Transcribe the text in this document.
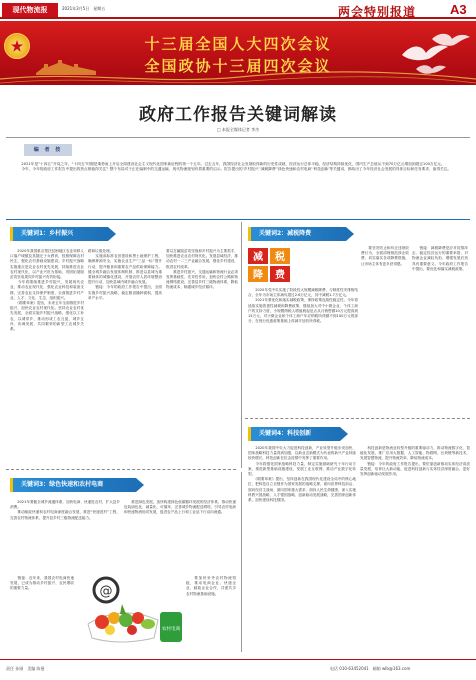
现代物流报	2021年3月5日　星期五	两会特别报道	A3
十三届全国人大四次会议
全国政协十三届四次会议
政府工作报告关键词解读
□ 本报全媒体记者 李杰
编 者 按
　　2021年是“十四五”开局之年，“十四五”时期是乘势而上开启全面建设社会主义现代化国家新征程的第一个五年。过去五年，我国经济社会发展取得新的历史性成就，经济运行总体平稳，经济结构持续优化，国内生产总值从不到70万亿元增加到超过100万亿元。
　　今年，今年的政府工作报告中提出的热点都值得关注？整个布局对于正在编制中的交通运输、现代物流规划有着重要的启示。报告提出的‘乡村振兴’‘减税降费’‘绿色快速和农村电商’‘科技创新’等关键词，都给出了今年经济社会发展的具体目标和任务要求，值得关注。
关键词1：乡村振兴
　　2020年我国重点帮扶贫困地区农业转移人口落户城镇及其随迁子女教育，按照保障农村民生，强化农村基础设施建设。乡村振兴战略实施重点是农业农村优先发展，持续推进农业农村现代化，以产业兴旺为基础，巩固拓展脱贫攻坚成果同乡村振兴有效衔接。
　　今年将继续推进乡村振兴，发展现代农业，推动农业现代化，强化农业科技和装备支撑，完善农业支持保护制度，全面推进乡村产业、人才、文化、生态、组织振兴。
　　《纲要草案》提出，未来五年全面推进乡村振兴，加快农业农村现代化。坚持农业农村优先发展，全面实施乡村振兴战略，强化以工补农、以城带乡，推动形成工农互促、城乡互补、协调发展、共同繁荣的新型工农城乡关系。
路和垃圾处理。
　　实施高标准农田建设和黑土地保护工程，确保种源安全，实施农业生产“三品一标”提升行动，提升粮食和重要农产品供给保障能力。健全城乡融合发展体制机制，推进以县城为重要载体的城镇化建设，开展农村人居环境整治提升行动，加快县域内城乡融合发展。
　　链接：今年的政府工作报告中提出，全面实施乡村振兴战略，稳定粮食播种面积，提高单产水平。
要以打赢脱贫攻坚战和乡村振兴为主要抓手，加快推进农业农村现代化。发展县域经济，推动农村一二三产业融合发展，强化乡村建设，推进农村改革。
　　推进乡村振兴，交通运输和物流行业必须发挥基础性、先导性作用，加快农村公路和物流网络建设，完善县乡村三级物流体系，降低物流成本，畅通城乡经济循环。
关键词2：减税降费
减 税
降 费
　　2020年党中央实施了阶段性大规模减税降费，与制度性安排相结合，全年为市场主体减负超过2.6万亿元，其中减税1.7万亿元。
　　2021年要优化和落实减税政策，保持政策连续性稳定性，今年将延续实施普惠性减税和降费政策，继续加大对中小微企业、个体工商户的支持力度，小规模纳税人增值税起征点从月销售额10万元提高到15万元，对小微企业和个体工商户年应纳税所得额不到100万元的部分，在现行优惠政策基础上再减半征收所得税。
　　要坚决防止和纠正违规收费行为，全面清理规范涉企收费，切实落实各项降费措施，让市场主体有更多获得感。
　　链接：减税降费是应对疫情冲击、稳定经济运行的重要举措，对物流企业减轻负担、增强发展后劲具有重要意义。今年政府工作报告中提出，要优化和落实减税政策。
关键词3：绿色快速和农村电商
　　2021年要健全城乡流通体系，加快电商、快递进农村，扩大县乡消费。
　　推动邮政快递和农村电商深度融合发展，推进“快递进村”工程，完善农村物流体系，提升县乡村三级物流配送能力。
　　推进绿色发展，加快构建绿色低碳循环发展的经济体系，推动快递包装绿色化、减量化、可循环，完善城乡物流配送网络，引导农村电商和快递物流协同发展，促进农产品上行和工业品下行双向流通。
　　链接：近年来，我国农村电商快速发展，已成为推动乡村振兴、农民增收的重要力量。
　　要加快补齐农村物流短板，推动电商企业、快递企业、邮政企业合作，共建共享农村物流基础设施。
@
农村电商
关键词4：科技创新
　　2020年我国中央大力促进科技创新，产业转型升级步伐加快，国家战略科技力量得到加强，以新业态新模式为代表的新兴产业持续较快增长，科技创新在抗击疫情中发挥了重要作用。
　　今年将强化国家战略科技力量，制定实施基础研究十年行动方案，推进新型基础设施建设，发展工业互联网，推动产业数字化转型。
　　《纲要草案》提出，坚持创新在我国现代化建设全局中的核心地位，把科技自立自强作为国家发展的战略支撑，面向世界科技前沿、面向经济主战场、面向国家重大需求、面向人民生命健康，深入实施科教兴国战略、人才强国战略、创新驱动发展战略，完善国家创新体系，加快建设科技强国。
　　科技创新是物流业转型升级的重要驱动力，推动物流数字化、智能化发展，推广应用大数据、人工智能、物联网、区块链等新技术，发展智慧物流，提升物流效率，降低物流成本。
　　链接：今年的政府工作报告提出，要依靠创新推动实体经济高质量发展，培育壮大新动能，促进科技创新与实体经济深度融合，更好发挥创新驱动发展作用。
责任 孙刚　美编 陈曼	电话 010-63452041　邮箱 wlb@163.com
